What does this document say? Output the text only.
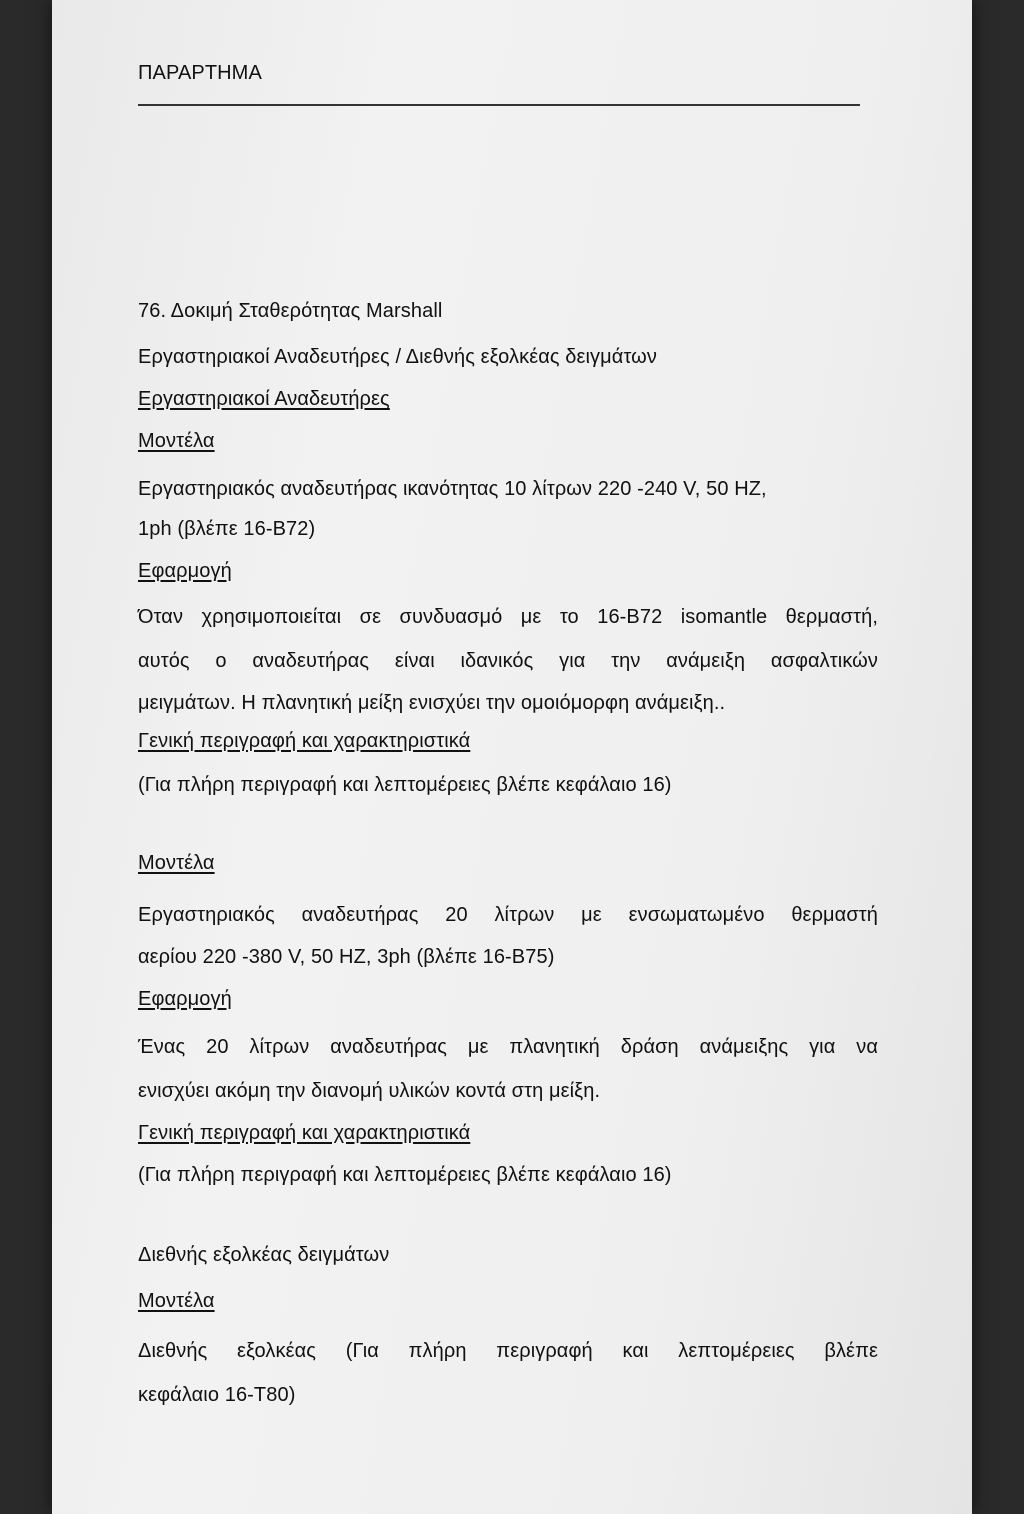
ΠΑΡΑΡΤΗΜΑ
76. Δοκιμή Σταθερότητας Marshall
Εργαστηριακοί Αναδευτήρες / Διεθνής εξολκέας δειγμάτων
Εργαστηριακοί Αναδευτήρες
Μοντέλα
Εργαστηριακός αναδευτήρας ικανότητας 10 λίτρων 220 -240 V, 50 HZ,
1ph (βλέπε 16-Β72)
Εφαρμογή
Όταν χρησιμοποιείται σε συνδυασμό με το 16-Β72 isomantle θερμαστή,
αυτός ο αναδευτήρας είναι ιδανικός για την ανάμειξη ασφαλτικών
μειγμάτων. Η πλανητική μείξη ενισχύει την ομοιόμορφη ανάμειξη..
Γενική περιγραφή και χαρακτηριστικά
(Για πλήρη περιγραφή και λεπτομέρειες βλέπε κεφάλαιο 16)
Μοντέλα
Εργαστηριακός αναδευτήρας 20 λίτρων με ενσωματωμένο θερμαστή
αερίου 220 -380 V, 50 HZ, 3ph (βλέπε 16-Β75)
Εφαρμογή
Ένας 20 λίτρων αναδευτήρας με πλανητική δράση ανάμειξης για να
ενισχύει ακόμη την διανομή υλικών κοντά στη μείξη.
Γενική περιγραφή και χαρακτηριστικά
(Για πλήρη περιγραφή και λεπτομέρειες βλέπε κεφάλαιο 16)
Διεθνής εξολκέας δειγμάτων
Μοντέλα
Διεθνής εξολκέας (Για πλήρη περιγραφή και λεπτομέρειες βλέπε
κεφάλαιο 16-Τ80)
